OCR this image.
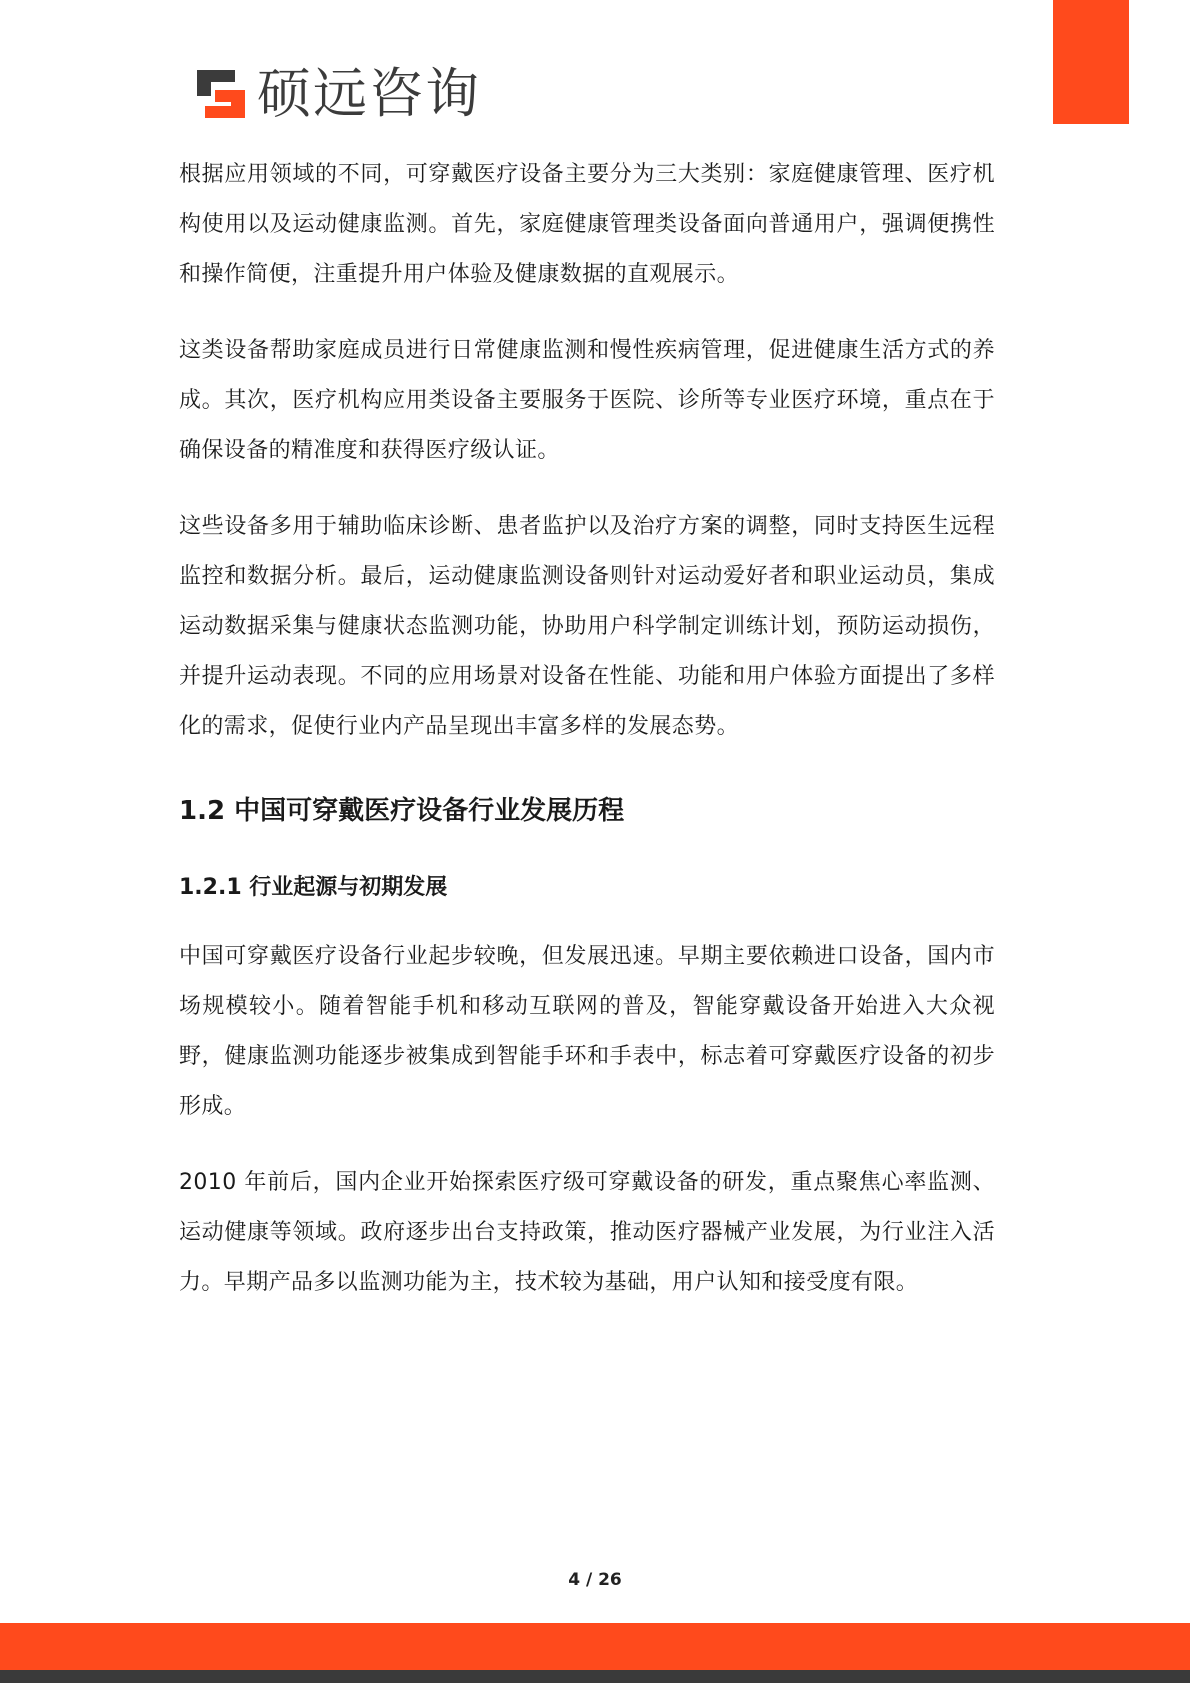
硕远咨询

根据应用领域的不同，可穿戴医疗设备主要分为三大类别：家庭健康管理、医疗机构使用以及运动健康监测。首先，家庭健康管理类设备面向普通用户，强调便携性和操作简便，注重提升用户体验及健康数据的直观展示。

这类设备帮助家庭成员进行日常健康监测和慢性疾病管理，促进健康生活方式的养成。其次，医疗机构应用类设备主要服务于医院、诊所等专业医疗环境，重点在于确保设备的精准度和获得医疗级认证。

这些设备多用于辅助临床诊断、患者监护以及治疗方案的调整，同时支持医生远程监控和数据分析。最后，运动健康监测设备则针对运动爱好者和职业运动员，集成运动数据采集与健康状态监测功能，协助用户科学制定训练计划，预防运动损伤，并提升运动表现。不同的应用场景对设备在性能、功能和用户体验方面提出了多样化的需求，促使行业内产品呈现出丰富多样的发展态势。

1.2 中国可穿戴医疗设备行业发展历程
1.2.1 行业起源与初期发展

中国可穿戴医疗设备行业起步较晚，但发展迅速。早期主要依赖进口设备，国内市场规模较小。随着智能手机和移动互联网的普及，智能穿戴设备开始进入大众视野，健康监测功能逐步被集成到智能手环和手表中，标志着可穿戴医疗设备的初步形成。

2010 年前后，国内企业开始探索医疗级可穿戴设备的研发，重点聚焦心率监测、运动健康等领域。政府逐步出台支持政策，推动医疗器械产业发展，为行业注入活力。早期产品多以监测功能为主，技术较为基础，用户认知和接受度有限。

4 / 26
